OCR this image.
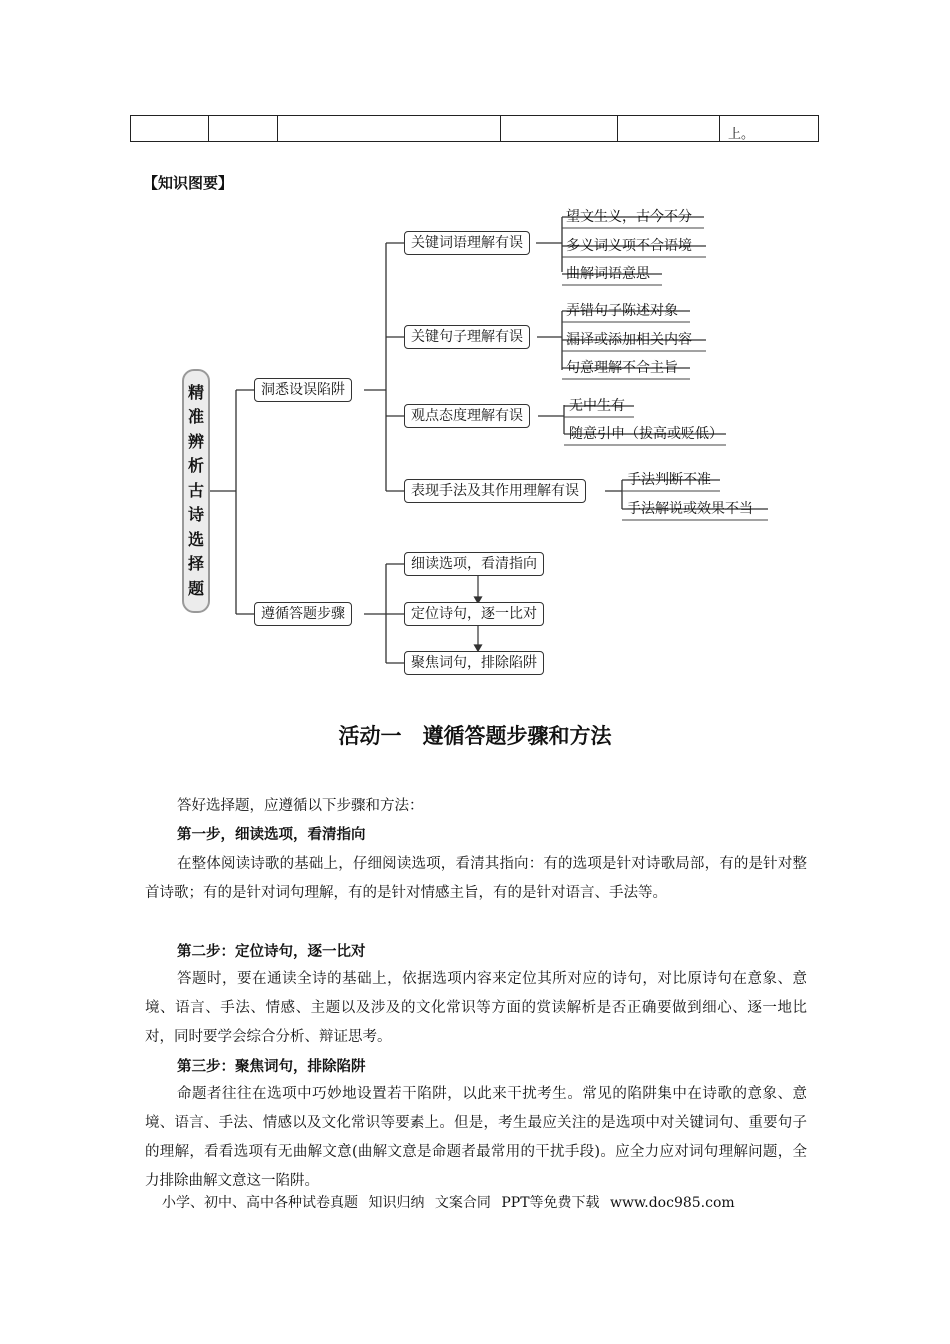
					上。
【知识图要】
精
准
辨
析
古
诗
选
择
题
洞悉设误陷阱
遵循答题步骤
关键词语理解有误
关键句子理解有误
观点态度理解有误
表现手法及其作用理解有误
望文生义，古今不分
多义词义项不合语境
曲解词语意思
弄错句子陈述对象
漏译或添加相关内容
句意理解不合主旨
无中生有
随意引申（拔高或贬低）
手法判断不准
手法解说或效果不当
细读选项，看清指向
定位诗句，逐一比对
聚焦词句，排除陷阱
活动一　遵循答题步骤和方法
答好选择题，应遵循以下步骤和方法：
第一步，细读选项，看清指向
在整体阅读诗歌的基础上，仔细阅读选项，看清其指向：有的选项是针对诗歌局部，有的是针对整首诗歌；有的是针对词句理解，有的是针对情感主旨，有的是针对语言、手法等。
第二步：定位诗句，逐一比对
答题时，要在通读全诗的基础上，依据选项内容来定位其所对应的诗句，对比原诗句在意象、意境、语言、手法、情感、主题以及涉及的文化常识等方面的赏读解析是否正确要做到细心、逐一地比对，同时要学会综合分析、辩证思考。
第三步：聚焦词句，排除陷阱
命题者往往在选项中巧妙地设置若干陷阱，以此来干扰考生。常见的陷阱集中在诗歌的意象、意境、语言、手法、情感以及文化常识等要素上。但是，考生最应关注的是选项中对关键词句、重要句子的理解，看看选项有无曲解文意(曲解文意是命题者最常用的干扰手段)。应全力应对词句理解问题，全力排除曲解文意这一陷阱。
小学、初中、高中各种试卷真题 知识归纳 文案合同 PPT等免费下载 www.doc985.com
